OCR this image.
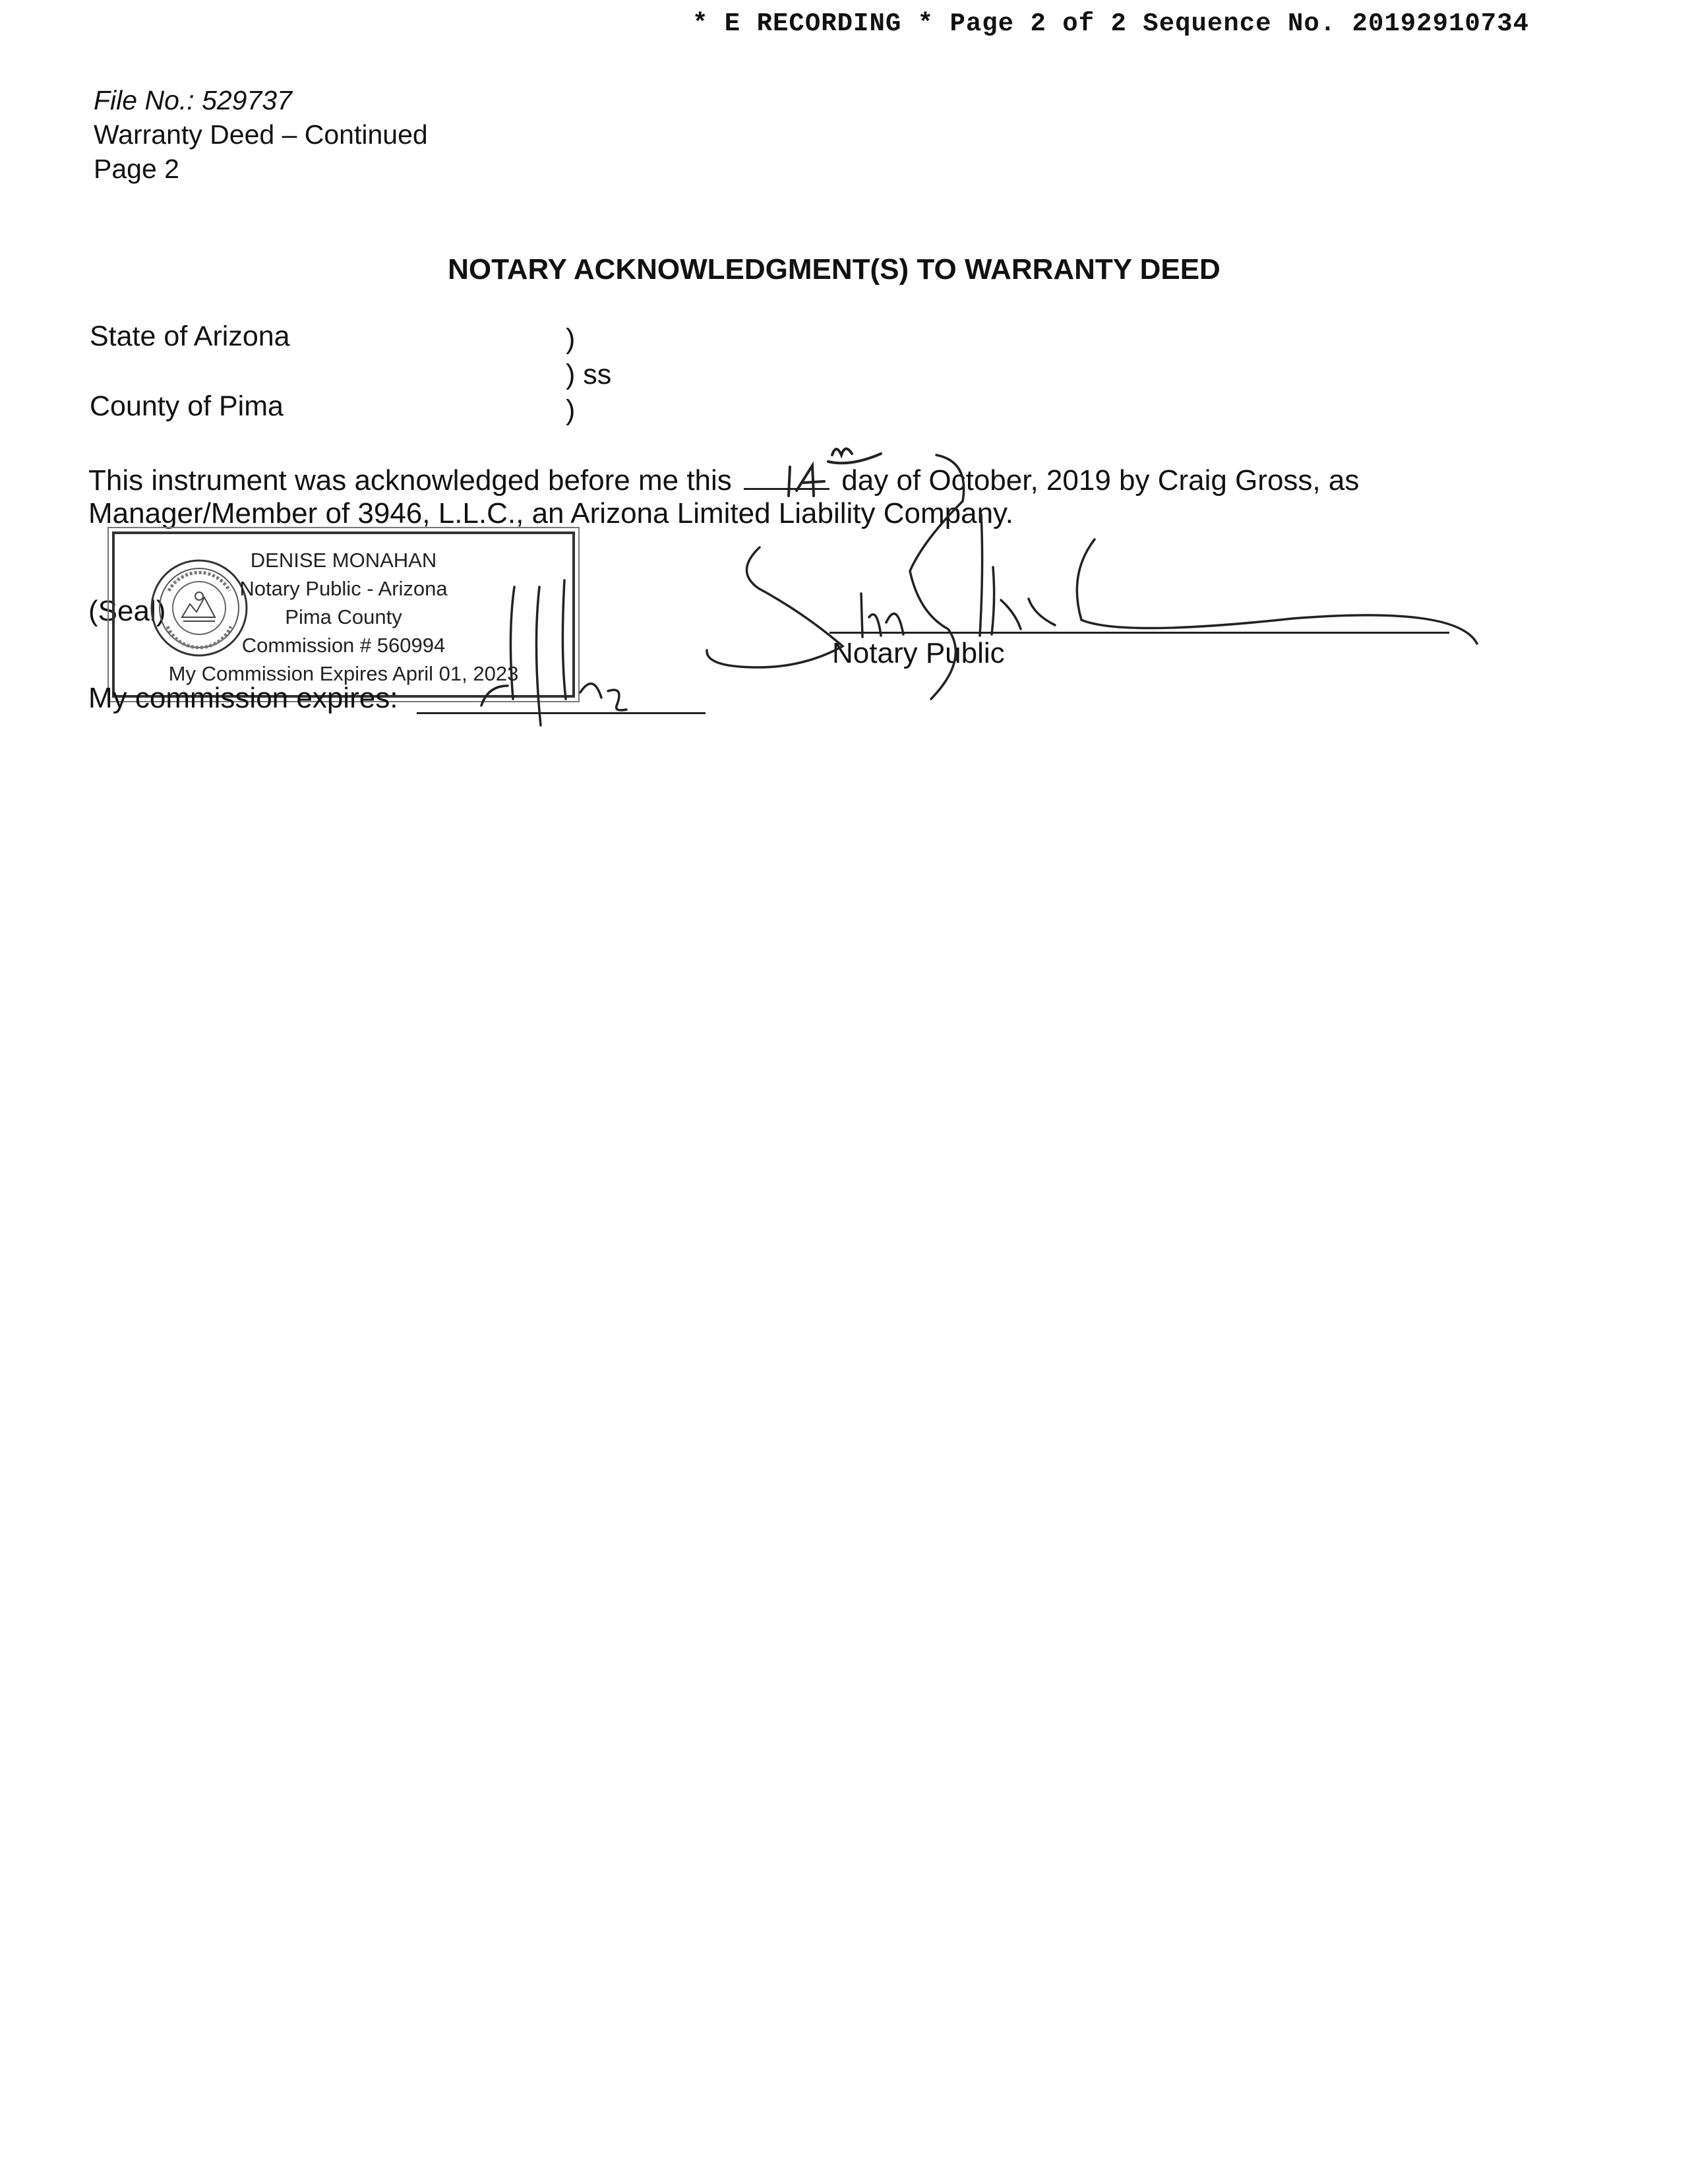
* E RECORDING * Page 2 of 2 Sequence No. 20192910734
File No.: 529737
Warranty Deed – Continued
Page 2
NOTARY ACKNOWLEDGMENT(S) TO WARRANTY DEED
State of Arizona
County of Pima
)
) ss
)
This instrument was acknowledged before me this	day of October, 2019 by Craig Gross, as
Manager/Member of 3946, L.L.C., an Arizona Limited Liability Company.
(Seal)
DENISE MONAHAN
Notary Public - Arizona
Pima County
Commission # 560994
My Commission Expires April 01, 2023
Notary Public
My commission expires:
